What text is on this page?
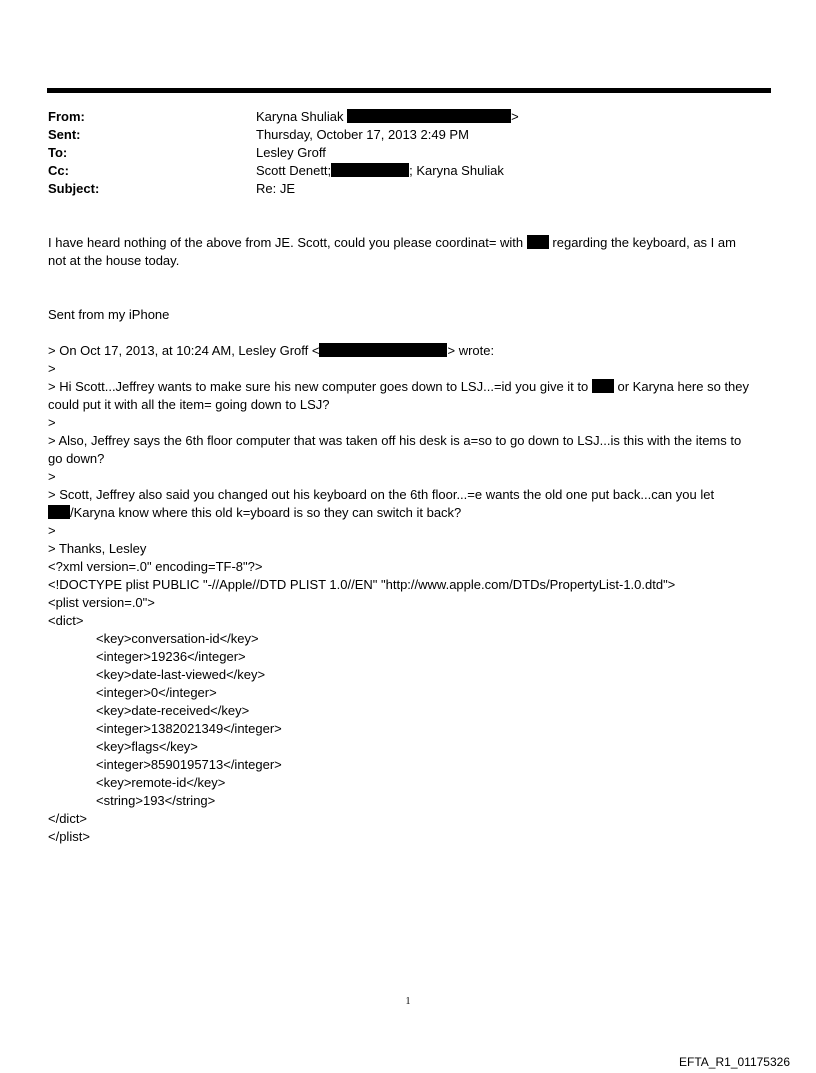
From:	Karyna Shuliak	>
Sent:	Thursday, October 17, 2013 2:49 PM
To:	Lesley Groff
Cc:	Scott Denett;	; Karyna Shuliak
Subject:	Re: JE
I have heard nothing of the above from JE. Scott, could you please coordinat= with regarding the keyboard, as I am
not at the house today.
Sent from my iPhone
> On Oct 17, 2013, at 10:24 AM, Lesley Groff <	> wrote:
>
> Hi Scott...Jeffrey wants to make sure his new computer goes down to LSJ...=id you give it to or Karyna here so they
could put it with all the item= going down to LSJ?
>
> Also, Jeffrey says the 6th floor computer that was taken off his desk is a=so to go down to LSJ...is this with the items to
go down?
>
> Scott, Jeffrey also said you changed out his keyboard on the 6th floor...=e wants the old one put back...can you let
/Karyna know where this old k=yboard is so they can switch it back?
>
> Thanks, Lesley
<?xml version=.0" encoding=TF-8"?>
<!DOCTYPE plist PUBLIC "-//Apple//DTD PLIST 1.0//EN" "http://www.apple.com/DTDs/PropertyList-1.0.dtd">
<plist version=.0">
<dict>
<key>conversation-id</key>
<integer>19236</integer>
<key>date-last-viewed</key>
<integer>0</integer>
<key>date-received</key>
<integer>1382021349</integer>
<key>flags</key>
<integer>8590195713</integer>
<key>remote-id</key>
<string>193</string>
</dict>
</plist>
1
EFTA_R1_01175326
